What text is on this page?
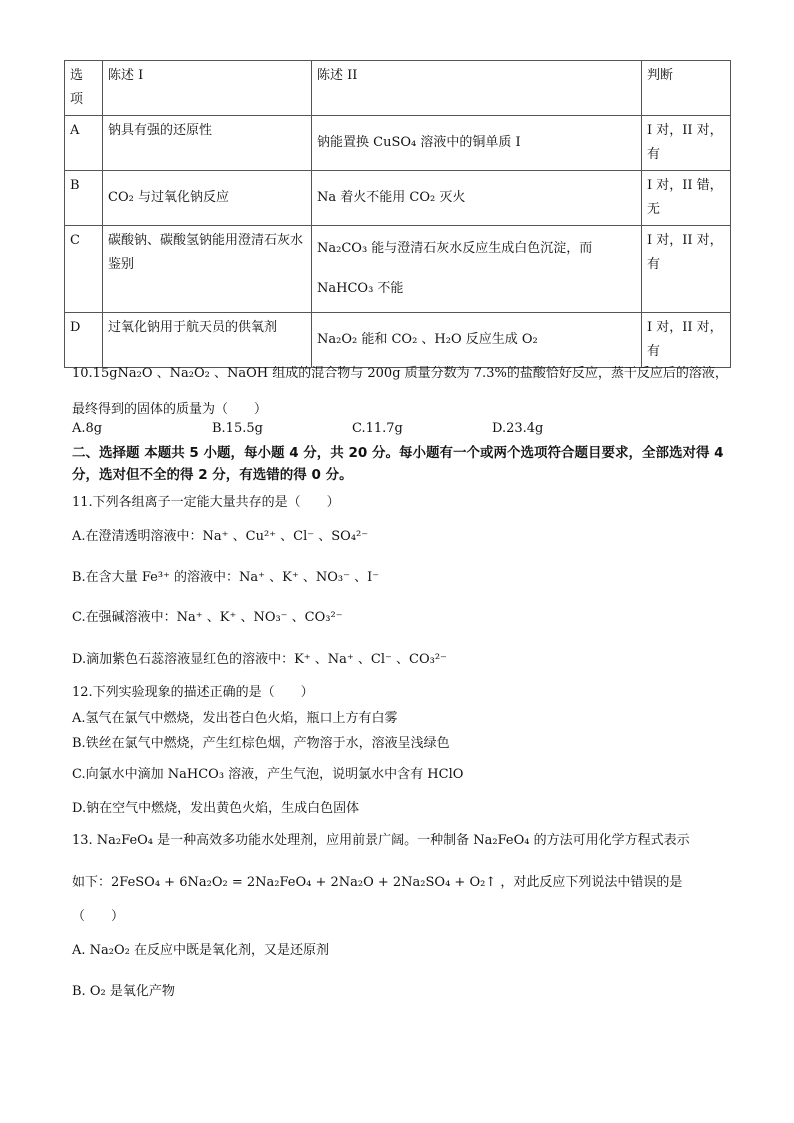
选
项	陈述 I	陈述 II	判断
A	钠具有强的还原性	钠能置换 CuSO₄ 溶液中的铜单质 I	I 对，II 对，有
B	CO₂ 与过氧化钠反应	Na 着火不能用 CO₂ 灭火	I 对，II 错，无
C	碳酸钠、碳酸氢钠能用澄清石灰水鉴别	Na₂CO₃ 能与澄清石灰水反应生成白色沉淀，而 NaHCO₃ 不能	I 对，II 对，有
D	过氧化钠用于航天员的供氧剂	Na₂O₂ 能和 CO₂ 、H₂O 反应生成 O₂	I 对，II 对，有
10.15gNa₂O 、Na₂O₂ 、NaOH 组成的混合物与 200g 质量分数为 7.3%的盐酸恰好反应，蒸干反应后的溶液，最终得到的固体的质量为（　　）
A.8g	B.15.5g	C.11.7g	D.23.4g
二、选择题 本题共 5 小题，每小题 4 分，共 20 分。每小题有一个或两个选项符合题目要求，全部选对得 4 分，选对但不全的得 2 分，有选错的得 0 分。
11.下列各组离子一定能大量共存的是（　　）
A.在澄清透明溶液中：Na⁺ 、Cu²⁺ 、Cl⁻ 、SO₄²⁻
B.在含大量 Fe³⁺ 的溶液中：Na⁺ 、K⁺ 、NO₃⁻ 、I⁻
C.在强碱溶液中：Na⁺ 、K⁺ 、NO₃⁻ 、CO₃²⁻
D.滴加紫色石蕊溶液显红色的溶液中：K⁺ 、Na⁺ 、Cl⁻ 、CO₃²⁻
12.下列实验现象的描述正确的是（　　）
A.氢气在氯气中燃烧，发出苍白色火焰，瓶口上方有白雾
B.铁丝在氯气中燃烧，产生红棕色烟，产物溶于水，溶液呈浅绿色
C.向氯水中滴加 NaHCO₃ 溶液，产生气泡，说明氯水中含有 HClO
D.钠在空气中燃烧，发出黄色火焰，生成白色固体
13. Na₂FeO₄ 是一种高效多功能水处理剂，应用前景广阔。一种制备 Na₂FeO₄ 的方法可用化学方程式表示
如下：2FeSO₄ + 6Na₂O₂ = 2Na₂FeO₄ + 2Na₂O + 2Na₂SO₄ + O₂↑ ，对此反应下列说法中错误的是
（　　）
A. Na₂O₂ 在反应中既是氧化剂，又是还原剂
B. O₂ 是氧化产物
